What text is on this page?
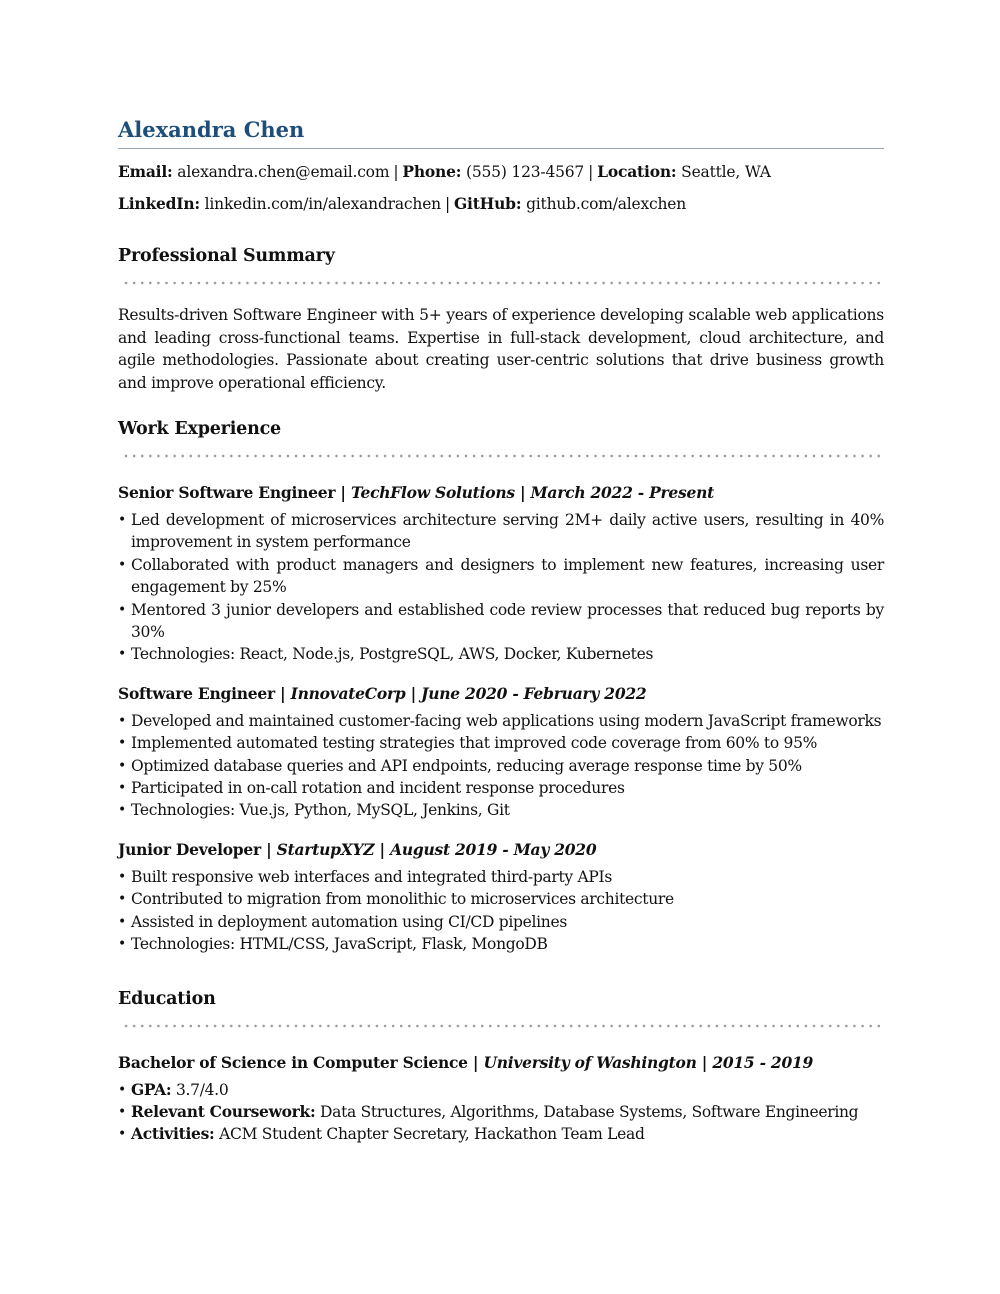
Alexandra Chen
Email: alexandra.chen@email.com | Phone: (555) 123-4567 | Location: Seattle, WA
LinkedIn: linkedin.com/in/alexandrachen | GitHub: github.com/alexchen
Professional Summary

Results-driven Software Engineer with 5+ years of experience developing scalable web applications and leading cross-functional teams. Expertise in full-stack development, cloud architecture, and agile methodologies. Passionate about creating user-centric solutions that drive business growth and improve operational efficiency.

Work Experience
Senior Software Engineer | TechFlow Solutions | March 2022 - Present
• Led development of microservices architecture serving 2M+ daily active users, resulting in 40% improvement in system performance
• Collaborated with product managers and designers to implement new features, increasing user engagement by 25%
• Mentored 3 junior developers and established code review processes that reduced bug reports by 30%
• Technologies: React, Node.js, PostgreSQL, AWS, Docker, Kubernetes
Software Engineer | InnovateCorp | June 2020 - February 2022
• Developed and maintained customer-facing web applications using modern JavaScript frameworks
• Implemented automated testing strategies that improved code coverage from 60% to 95%
• Optimized database queries and API endpoints, reducing average response time by 50%
• Participated in on-call rotation and incident response procedures
• Technologies: Vue.js, Python, MySQL, Jenkins, Git
Junior Developer | StartupXYZ | August 2019 - May 2020
• Built responsive web interfaces and integrated third-party APIs
• Contributed to migration from monolithic to microservices architecture
• Assisted in deployment automation using CI/CD pipelines
• Technologies: HTML/CSS, JavaScript, Flask, MongoDB
Education
Bachelor of Science in Computer Science | University of Washington | 2015 - 2019
• GPA: 3.7/4.0
• Relevant Coursework: Data Structures, Algorithms, Database Systems, Software Engineering
• Activities: ACM Student Chapter Secretary, Hackathon Team Lead
